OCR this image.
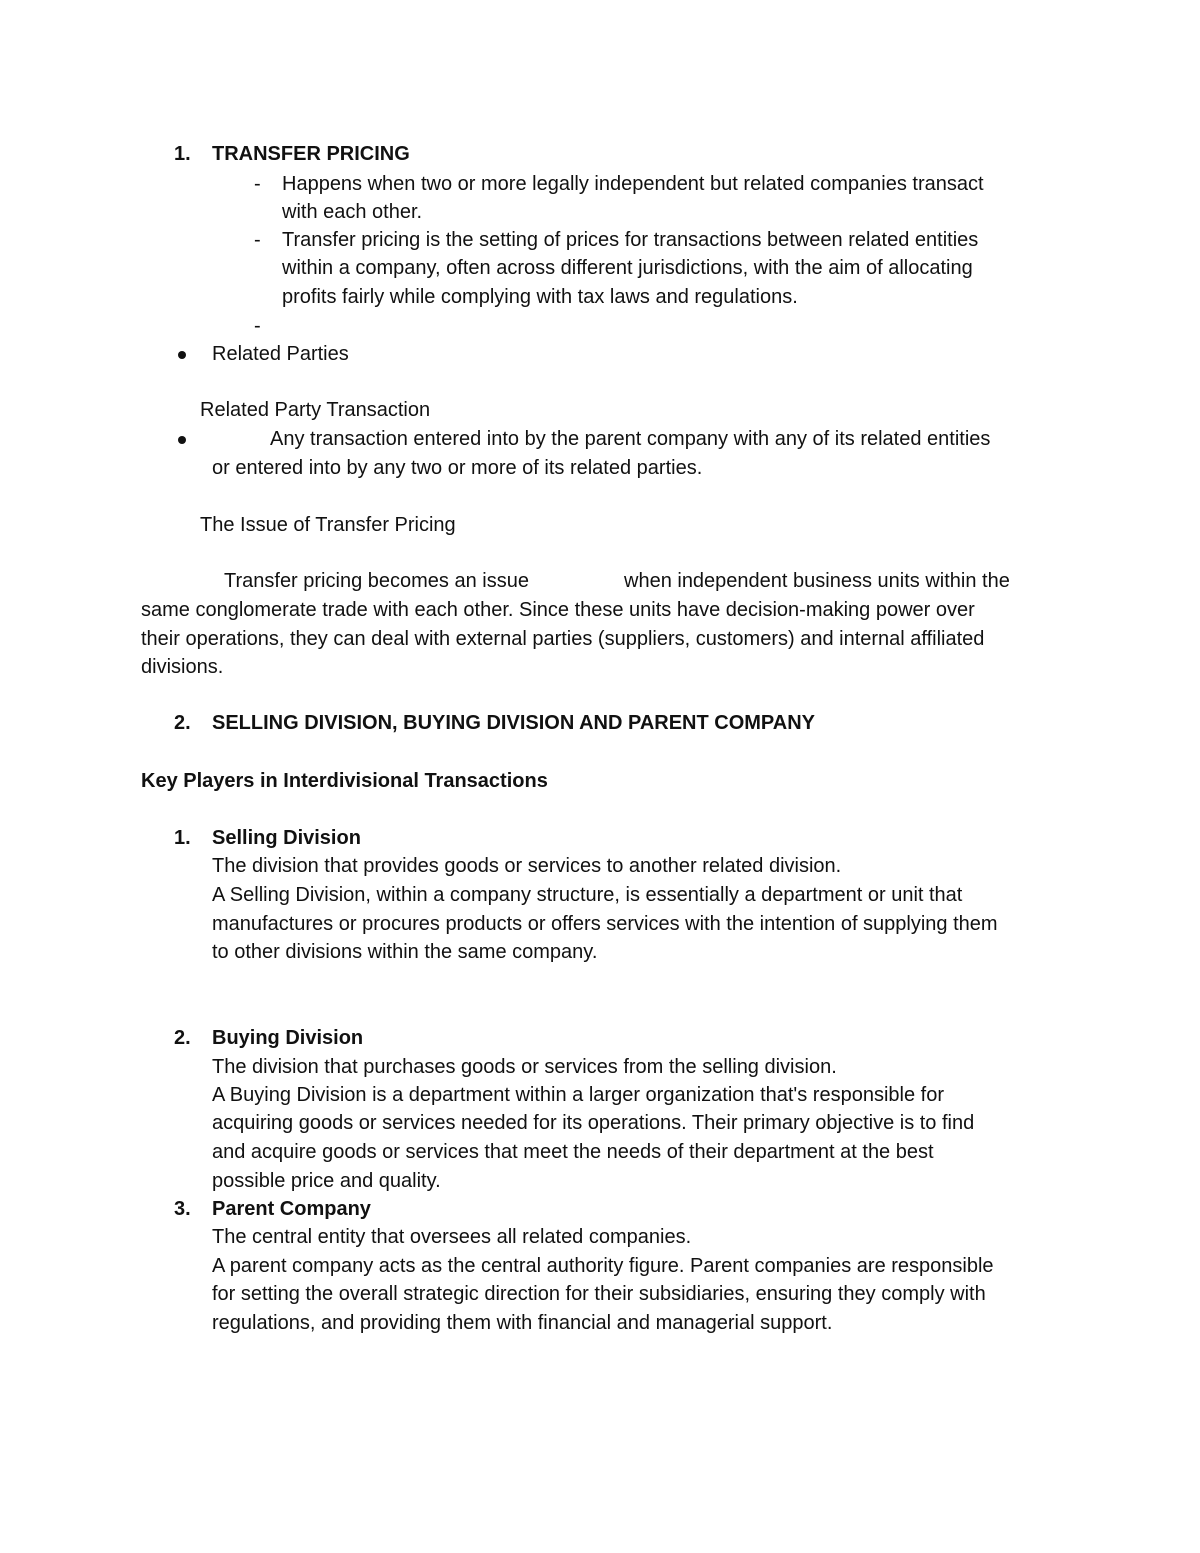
1. TRANSFER PRICING
- Happens when two or more legally independent but related companies transact
with each other.
- Transfer pricing is the setting of prices for transactions between related entities
within a company, often across different jurisdictions, with the aim of allocating
profits fairly while complying with tax laws and regulations.
-
Related Parties
Related Party Transaction
Any transaction entered into by the parent company with any of its related entities
or entered into by any two or more of its related parties.
The Issue of Transfer Pricing
Transfer pricing becomes an issue	when independent business units within the
same conglomerate trade with each other. Since these units have decision-making power over
their operations, they can deal with external parties (suppliers, customers) and internal affiliated
divisions.
2. SELLING DIVISION, BUYING DIVISION AND PARENT COMPANY
Key Players in Interdivisional Transactions
1. Selling Division
The division that provides goods or services to another related division.
A Selling Division, within a company structure, is essentially a department or unit that
manufactures or procures products or offers services with the intention of supplying them
to other divisions within the same company.
2. Buying Division
The division that purchases goods or services from the selling division.
A Buying Division is a department within a larger organization that's responsible for
acquiring goods or services needed for its operations. Their primary objective is to find
and acquire goods or services that meet the needs of their department at the best
possible price and quality.
3. Parent Company
The central entity that oversees all related companies.
A parent company acts as the central authority figure. Parent companies are responsible
for setting the overall strategic direction for their subsidiaries, ensuring they comply with
regulations, and providing them with financial and managerial support.
